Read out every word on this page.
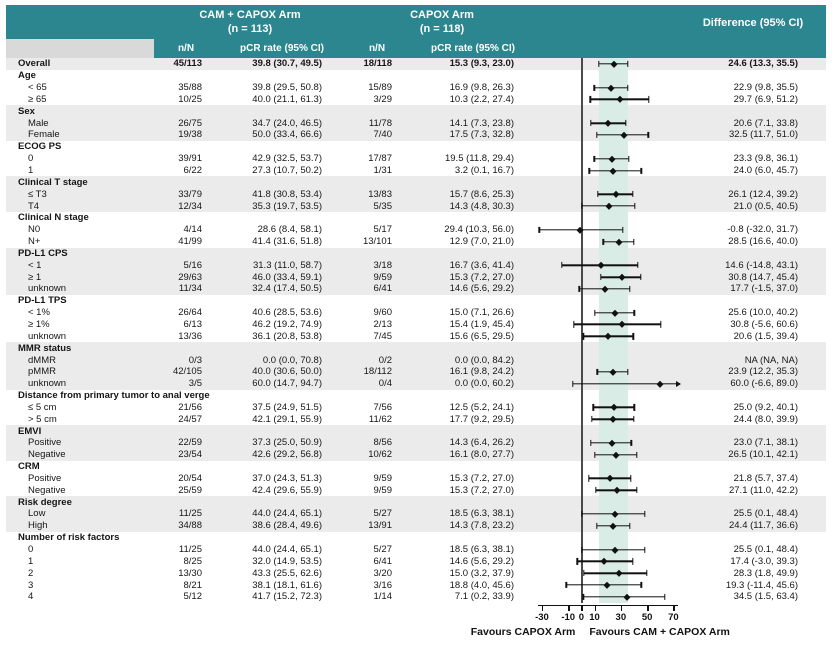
CAM + CAPOX Arm
(n = 113)
CAPOX Arm
(n = 118)	Difference (95% CI)
n/N	pCR rate (95% CI)	n/N	pCR rate (95% CI)
Overall	45/113	39.8 (30.7, 49.5)	18/118	15.3 (9.3, 23.0)	24.6 (13.3, 35.5)
Age
< 65	35/88	39.8 (29.5, 50.8)	15/89	16.9 (9.8, 26.3)	22.9 (9.8, 35.5)
≥ 65	10/25	40.0 (21.1, 61.3)	3/29	10.3 (2.2, 27.4)	29.7 (6.9, 51.2)
Sex
Male	26/75	34.7 (24.0, 46.5)	11/78	14.1 (7.3, 23.8)	20.6 (7.1, 33.8)
Female	19/38	50.0 (33.4, 66.6)	7/40	17.5 (7.3, 32.8)	32.5 (11.7, 51.0)
ECOG PS
0	39/91	42.9 (32.5, 53.7)	17/87	19.5 (11.8, 29.4)	23.3 (9.8, 36.1)
1	6/22	27.3 (10.7, 50.2)	1/31	3.2 (0.1, 16.7)	24.0 (6.0, 45.7)
Clinical T stage
≤ T3	33/79	41.8 (30.8, 53.4)	13/83	15.7 (8.6, 25.3)	26.1 (12.4, 39.2)
T4	12/34	35.3 (19.7, 53.5)	5/35	14.3 (4.8, 30.3)	21.0 (0.5, 40.5)
Clinical N stage
N0	4/14	28.6 (8.4, 58.1)	5/17	29.4 (10.3, 56.0)	-0.8 (-32.0, 31.7)
N+	41/99	41.4 (31.6, 51.8)	13/101	12.9 (7.0, 21.0)	28.5 (16.6, 40.0)
PD-L1 CPS
< 1	5/16	31.3 (11.0, 58.7)	3/18	16.7 (3.6, 41.4)	14.6 (-14.8, 43.1)
≥ 1	29/63	46.0 (33.4, 59.1)	9/59	15.3 (7.2, 27.0)	30.8 (14.7, 45.4)
unknown	11/34	32.4 (17.4, 50.5)	6/41	14.6 (5.6, 29.2)	17.7 (-1.5, 37.0)
PD-L1 TPS
< 1%	26/64	40.6 (28.5, 53.6)	9/60	15.0 (7.1, 26.6)	25.6 (10.0, 40.2)
≥ 1%	6/13	46.2 (19.2, 74.9)	2/13	15.4 (1.9, 45.4)	30.8 (-5.6, 60.6)
unknown	13/36	36.1 (20.8, 53.8)	7/45	15.6 (6.5, 29.5)	20.6 (1.5, 39.4)
MMR status
dMMR	0/3	0.0 (0.0, 70.8)	0/2	0.0 (0.0, 84.2)	NA (NA, NA)
pMMR	42/105	40.0 (30.6, 50.0)	18/112	16.1 (9.8, 24.2)	23.9 (12.2, 35.3)
unknown	3/5	60.0 (14.7, 94.7)	0/4	0.0 (0.0, 60.2)	60.0 (-6.6, 89.0)
Distance from primary tumor to anal verge
≤ 5 cm	21/56	37.5 (24.9, 51.5)	7/56	12.5 (5.2, 24.1)	25.0 (9.2, 40.1)
> 5 cm	24/57	42.1 (29.1, 55.9)	11/62	17.7 (9.2, 29.5)	24.4 (8.0, 39.9)
EMVI
Positive	22/59	37.3 (25.0, 50.9)	8/56	14.3 (6.4, 26.2)	23.0 (7.1, 38.1)
Negative	23/54	42.6 (29.2, 56.8)	10/62	16.1 (8.0, 27.7)	26.5 (10.1, 42.1)
CRM
Positive	20/54	37.0 (24.3, 51.3)	9/59	15.3 (7.2, 27.0)	21.8 (5.7, 37.4)
Negative	25/59	42.4 (29.6, 55.9)	9/59	15.3 (7.2, 27.0)	27.1 (11.0, 42.2)
Risk degree
Low	11/25	44.0 (24.4, 65.1)	5/27	18.5 (6.3, 38.1)	25.5 (0.1, 48.4)
High	34/88	38.6 (28.4, 49.6)	13/91	14.3 (7.8, 23.2)	24.4 (11.7, 36.6)
Number of risk factors
0	11/25	44.0 (24.4, 65.1)	5/27	18.5 (6.3, 38.1)	25.5 (0.1, 48.4)
1	8/25	32.0 (14.9, 53.5)	6/41	14.6 (5.6, 29.2)	17.4 (-3.0, 39.3)
2	13/30	43.3 (25.5, 62.6)	3/20	15.0 (3.2, 37.9)	28.3 (1.8, 49.9)
3	8/21	38.1 (18.1, 61.6)	3/16	18.8 (4.0, 45.6)	19.3 (-11.4, 45.6)
4	5/12	41.7 (15.2, 72.3)	1/14	7.1 (0.2, 33.9)	34.5 (1.5, 63.4)
-30	-10 0 10	30	50	70
Favours CAPOX Arm Favours CAM + CAPOX Arm
